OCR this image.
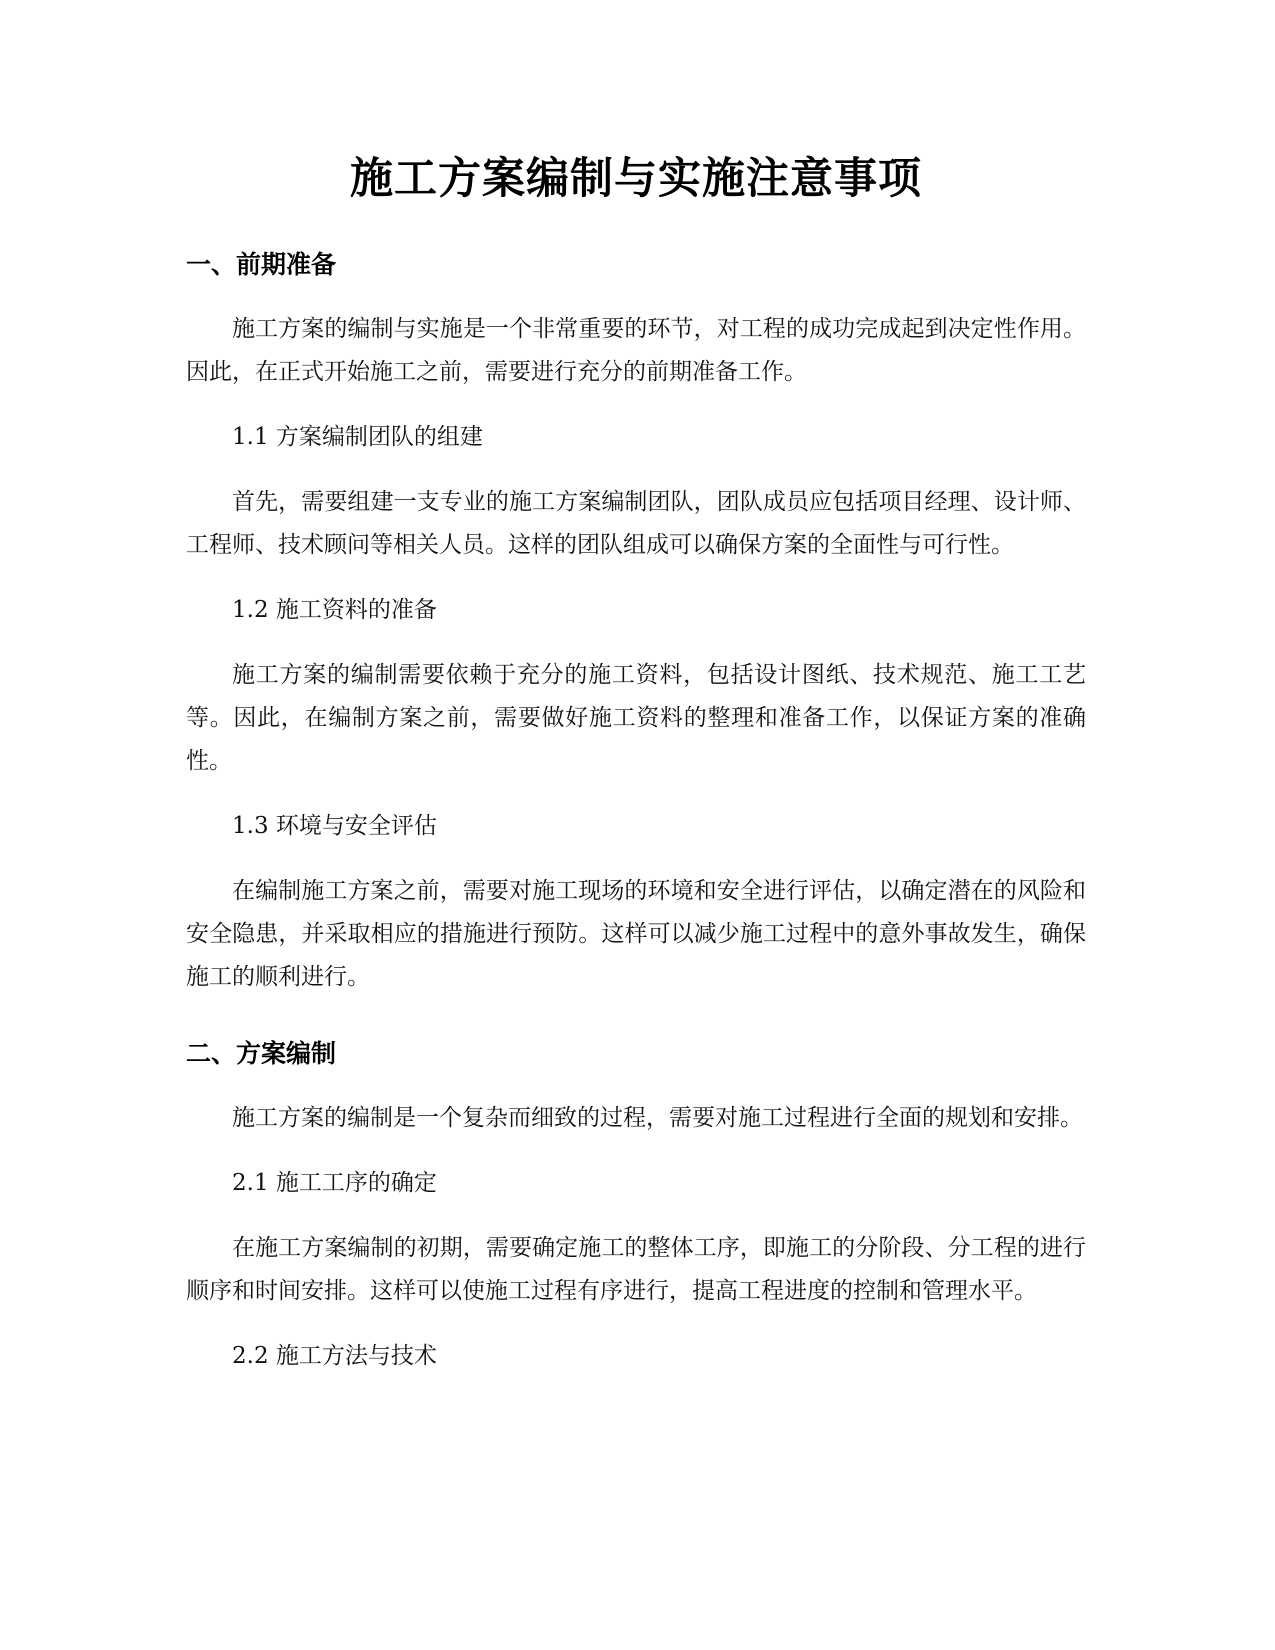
施工方案编制与实施注意事项
一、前期准备

施工方案的编制与实施是一个非常重要的环节，对工程的成功完成起到决定性作用。因此，在正式开始施工之前，需要进行充分的前期准备工作。

1.1 方案编制团队的组建

首先，需要组建一支专业的施工方案编制团队，团队成员应包括项目经理、设计师、工程师、技术顾问等相关人员。这样的团队组成可以确保方案的全面性与可行性。

1.2 施工资料的准备

施工方案的编制需要依赖于充分的施工资料，包括设计图纸、技术规范、施工工艺等。因此，在编制方案之前，需要做好施工资料的整理和准备工作，以保证方案的准确性。

1.3 环境与安全评估

在编制施工方案之前，需要对施工现场的环境和安全进行评估，以确定潜在的风险和安全隐患，并采取相应的措施进行预防。这样可以减少施工过程中的意外事故发生，确保施工的顺利进行。

二、方案编制

施工方案的编制是一个复杂而细致的过程，需要对施工过程进行全面的规划和安排。

2.1 施工工序的确定

在施工方案编制的初期，需要确定施工的整体工序，即施工的分阶段、分工程的进行顺序和时间安排。这样可以使施工过程有序进行，提高工程进度的控制和管理水平。

2.2 施工方法与技术
